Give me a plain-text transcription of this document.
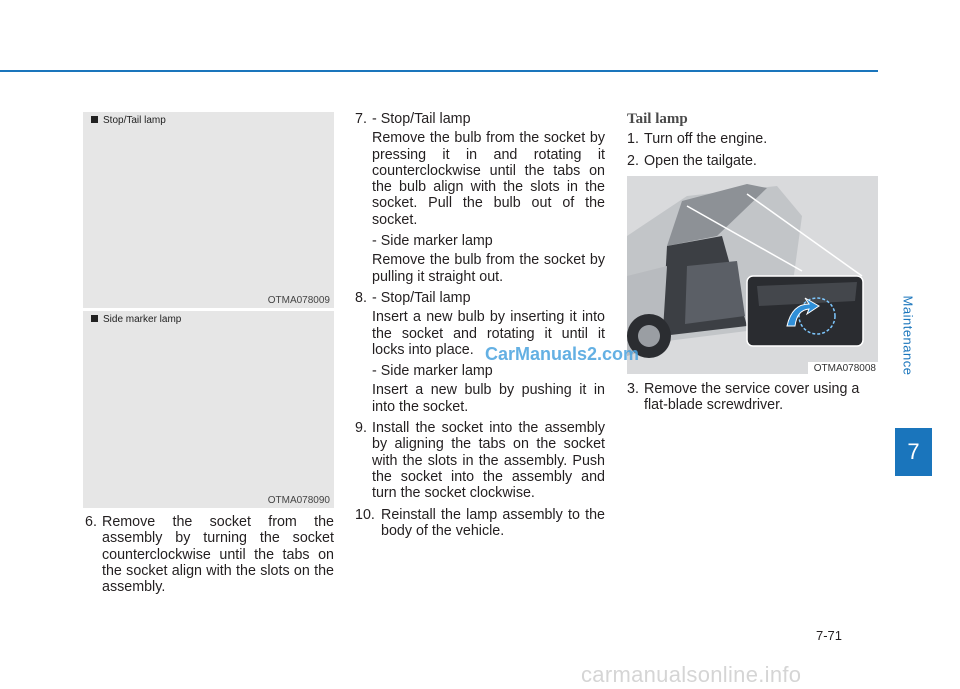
Stop/Tail lamp
OTMA078009
Side marker lamp
OTMA078090
6. Remove the socket from the assembly by turning the socket counterclockwise until the tabs on the socket align with the slots on the assembly.

7. - Stop/Tail lamp

Remove the bulb from the socket by pressing it in and rotating it counterclockwise until the tabs on the bulb align with the slots in the socket. Pull the bulb out of the socket.

- Side marker lamp

Remove the bulb from the socket by pulling it straight out.

8. - Stop/Tail lamp

Insert a new bulb by inserting it into the socket and rotating it until it locks into place.

- Side marker lamp

Insert a new bulb by pushing it in into the socket.

9. Install the socket into the assembly by aligning the tabs on the socket with the slots in the assembly. Push the socket into the assembly and turn the socket clockwise.

10. Reinstall the lamp assembly to the body of the vehicle.

Tail lamp

1. Turn off the engine.

2. Open the tailgate.

OTMA078008
3. Remove the service cover using a flat-blade screwdriver.

Maintenance
7
7-71
CarManuals2.com
carmanualsonline.info
